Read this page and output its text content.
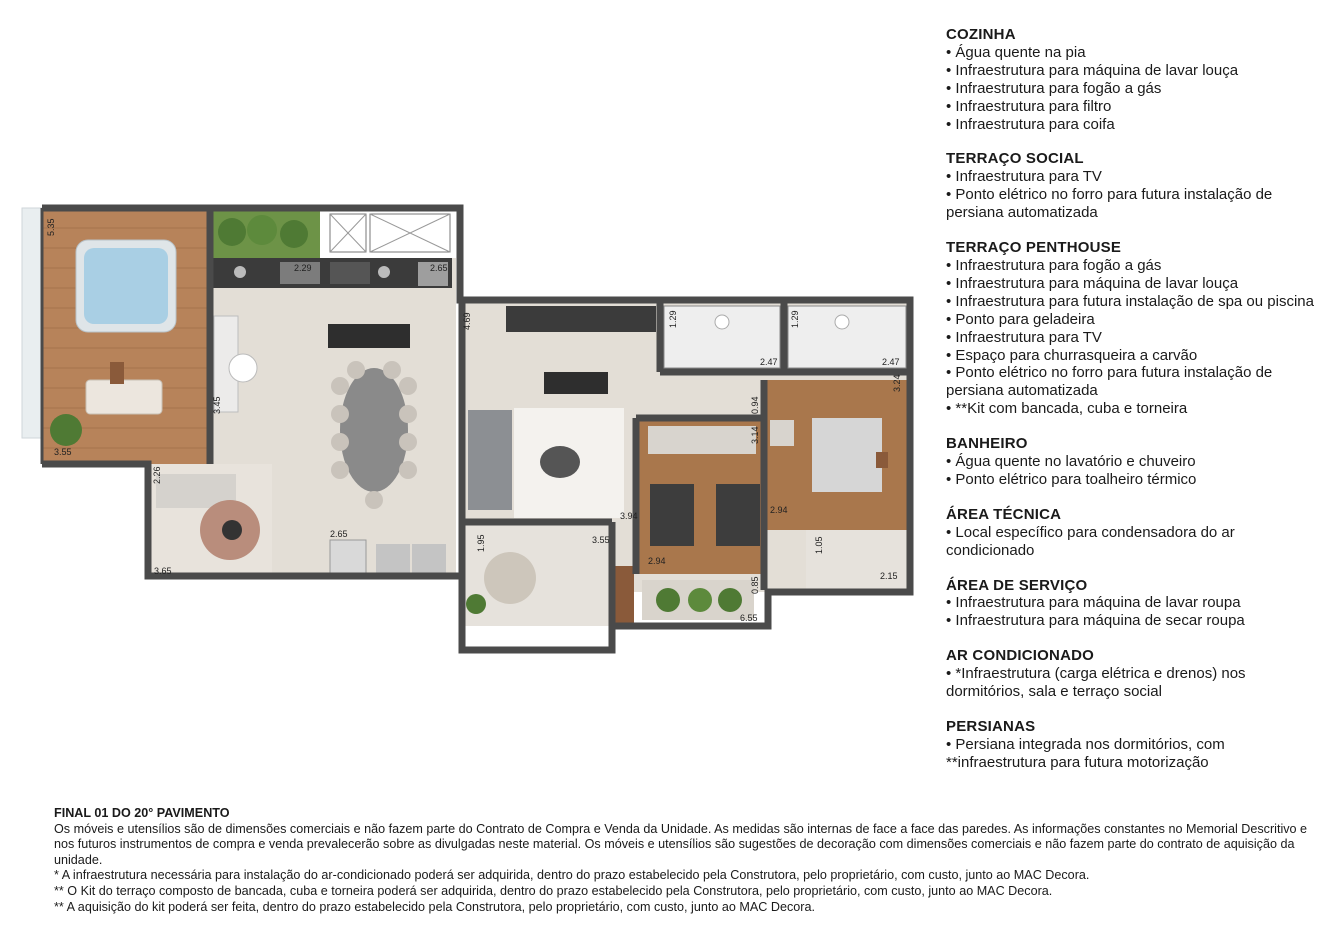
5.35
2.29	2.65
4.69	1.29
2.47
1.29
2.47
3.24
3.45	0.94
3.14
3.55
2.26
2.94
2.65
3.94
1.95	3.55
2.94
1.05
2.15
3.65
0.85
6.55
COZINHA
• Água quente na pia
• Infraestrutura para máquina de lavar louça
• Infraestrutura para fogão a gás
• Infraestrutura para filtro
• Infraestrutura para coifa
TERRAÇO SOCIAL
• Infraestrutura para TV
• Ponto elétrico no forro para futura instalação de persiana automatizada
TERRAÇO PENTHOUSE
• Infraestrutura para fogão a gás
• Infraestrutura para máquina de lavar louça
• Infraestrutura para futura instalação de spa ou piscina
• Ponto para geladeira
• Infraestrutura para TV
• Espaço para churrasqueira a carvão
• Ponto elétrico no forro para futura instalação de persiana automatizada
• **Kit com bancada, cuba e torneira
BANHEIRO
• Água quente no lavatório e chuveiro
• Ponto elétrico para toalheiro térmico
ÁREA TÉCNICA
• Local específico para condensadora do ar condicionado
ÁREA DE SERVIÇO
• Infraestrutura para máquina de lavar roupa
• Infraestrutura para máquina de secar roupa
AR CONDICIONADO
• *Infraestrutura (carga elétrica e drenos) nos dormitórios, sala e terraço social
PERSIANAS
• Persiana integrada nos dormitórios, com **infraestrutura para futura motorização

FINAL 01 DO 20° PAVIMENTO

Os móveis e utensílios são de dimensões comerciais e não fazem parte do Contrato de Compra e Venda da Unidade. As medidas são internas de face a face das paredes. As informações constantes no Memorial Descritivo e nos futuros instrumentos de compra e venda prevalecerão sobre as divulgadas neste material. Os móveis e utensílios são sugestões de decoração com dimensões comerciais e não fazem parte do contrato de aquisição da unidade.

* A infraestrutura necessária para instalação do ar-condicionado poderá ser adquirida, dentro do prazo estabelecido pela Construtora, pelo proprietário, com custo, junto ao MAC Decora.

** O Kit do terraço composto de bancada, cuba e torneira poderá ser adquirida, dentro do prazo estabelecido pela Construtora, pelo proprietário, com custo, junto ao MAC Decora.

** A aquisição do kit poderá ser feita, dentro do prazo estabelecido pela Construtora, pelo proprietário, com custo, junto ao MAC Decora.
